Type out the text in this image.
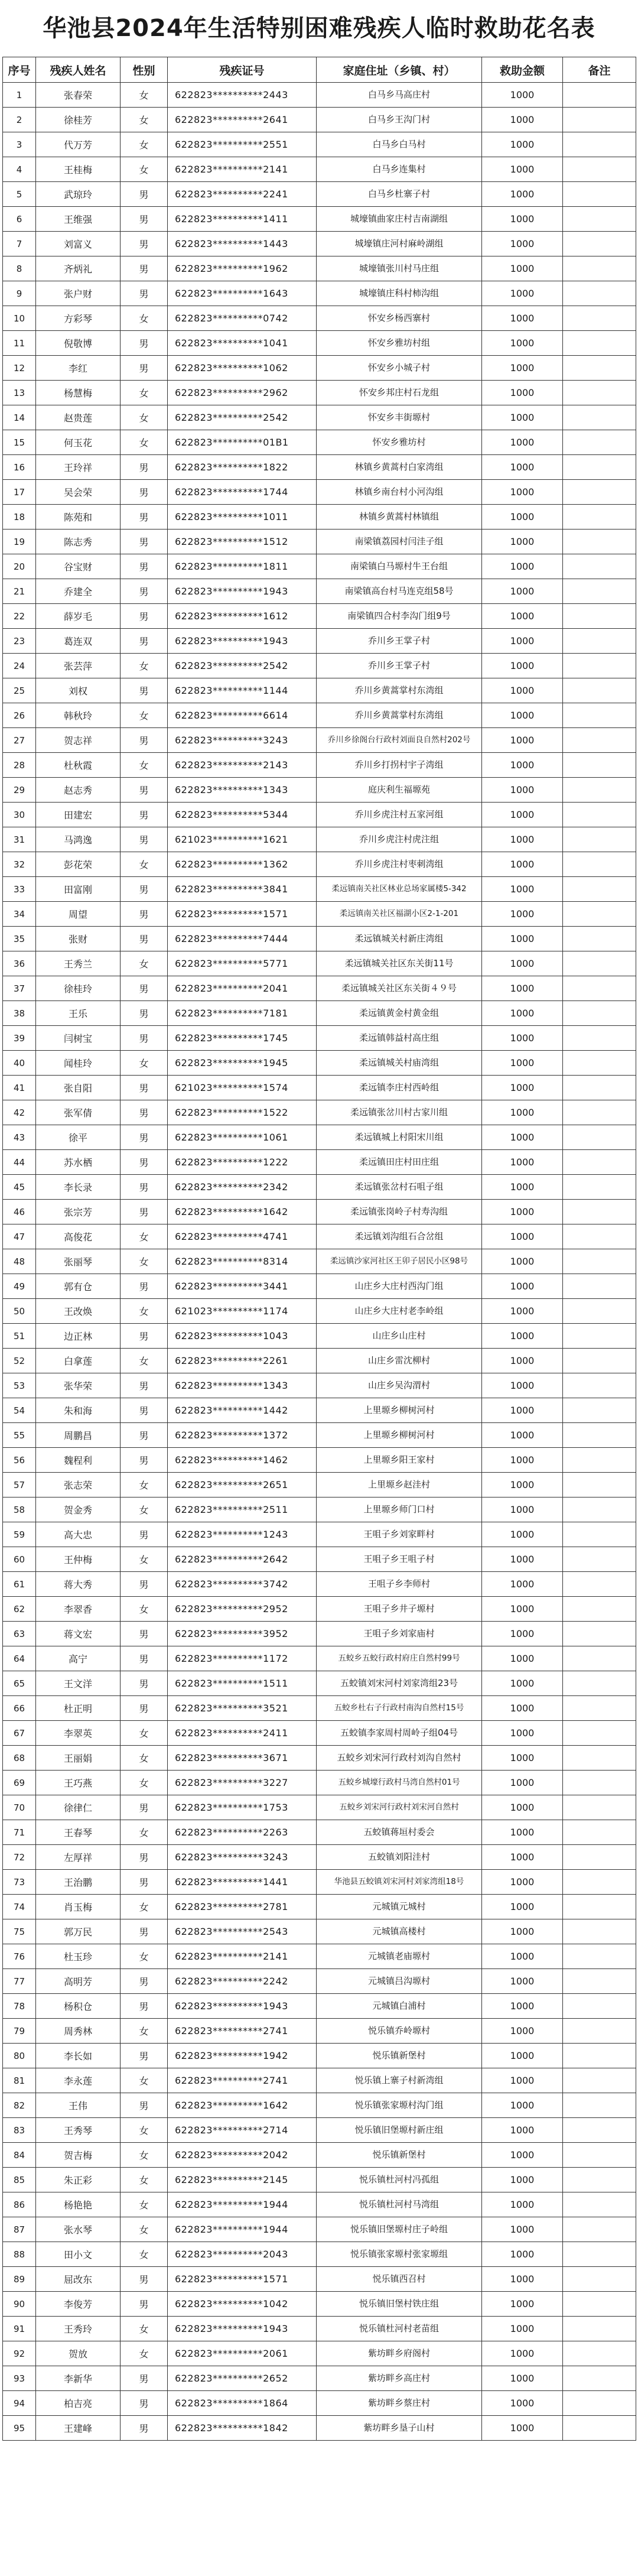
华池县2024年生活特别困难残疾人临时救助花名表
序号	残疾人姓名	性别	残疾证号	家庭住址（乡镇、村）	救助金额	备注
1	张春荣	女	622823**********2443	白马乡马高庄村	1000	
2	徐桂芳	女	622823**********2641	白马乡王沟门村	1000	
3	代万芳	女	622823**********2551	白马乡白马村	1000	
4	王桂梅	女	622823**********2141	白马乡连集村	1000	
5	武琼玲	男	622823**********2241	白马乡杜寨子村	1000	
6	王维强	男	622823**********1411	城壕镇曲家庄村吉南湖组	1000	
7	刘富义	男	622823**********1443	城壕镇庄河村麻岭湖组	1000	
8	齐炳礼	男	622823**********1962	城壕镇张川村马庄组	1000	
9	张户财	男	622823**********1643	城壕镇庄科村柿沟组	1000	
10	方彩琴	女	622823**********0742	怀安乡杨西寨村	1000	
11	倪敬博	男	622823**********1041	怀安乡雅坊村组	1000	
12	李红	男	622823**********1062	怀安乡小城子村	1000	
13	杨慧梅	女	622823**********2962	怀安乡邦庄村石龙组	1000	
14	赵贵莲	女	622823**********2542	怀安乡丰街塬村	1000	
15	何玉花	女	622823**********01B1	怀安乡雅坊村	1000	
16	王玲祥	男	622823**********1822	林镇乡黄蒿村白家湾组	1000	
17	吴会荣	男	622823**********1744	林镇乡南台村小河沟组	1000	
18	陈苑和	男	622823**********1011	林镇乡黄蒿村林镇组	1000	
19	陈志秀	男	622823**********1512	南梁镇荔园村闫洼子组	1000	
20	谷宝财	男	622823**********1811	南梁镇白马塬村牛王台组	1000	
21	乔建全	男	622823**********1943	南梁镇高台村马连克组58号	1000	
22	薛岁毛	男	622823**********1612	南梁镇四合村李沟门组9号	1000	
23	葛连双	男	622823**********1943	乔川乡王掌子村	1000	
24	张芸萍	女	622823**********2542	乔川乡王掌子村	1000	
25	刘权	男	622823**********1144	乔川乡黄蒿掌村东湾组	1000	
26	韩秋玲	女	622823**********6614	乔川乡黄蒿掌村东湾组	1000	
27	贺志祥	男	622823**********3243	乔川乡徐阁台行政村刘面良自然村202号	1000	
28	杜秋霞	女	622823**********2143	乔川乡打拐村宇子湾组	1000	
29	赵志秀	男	622823**********1343	庭庆利生福塬苑	1000	
30	田建宏	男	622823**********5344	乔川乡虎注村五家河组	1000	
31	马鸿逸	男	621023**********1621	乔川乡虎注村虎注组	1000	
32	彭花荣	女	622823**********1362	乔川乡虎注村枣刺湾组	1000	
33	田富刚	男	622823**********3841	柔远镇南关社区林业总场家属楼5-342	1000	
34	周望	男	622823**********1571	柔远镇南关社区福湖小区2-1-201	1000	
35	张财	男	622823**********7444	柔远镇城关村新庄湾组	1000	
36	王秀兰	女	622823**********5771	柔远镇城关社区东关街11号	1000	
37	徐桂玲	男	622823**********2041	柔远镇城关社区东关街４９号	1000	
38	王乐	男	622823**********7181	柔远镇黄金村黄金组	1000	
39	闫树宝	男	622823**********1745	柔远镇韩益村高庄组	1000	
40	闻桂玲	女	622823**********1945	柔远镇城关村庙湾组	1000	
41	张自阳	男	621023**********1574	柔远镇李庄村西岭组	1000	
42	张军倩	男	622823**********1522	柔远镇张岔川村古家川组	1000	
43	徐平	男	622823**********1061	柔远镇城上村阳宋川组	1000	
44	苏水栖	男	622823**********1222	柔远镇田庄村田庄组	1000	
45	李长录	男	622823**********2342	柔远镇张岔村石咀子组	1000	
46	张宗芳	男	622823**********1642	柔远镇张岗岭子村寿沟组	1000	
47	高俊花	女	622823**********4741	柔远镇刘沟组石合岔组	1000	
48	张丽琴	女	622823**********8314	柔远镇沙家河社区王卯子居民小区98号	1000	
49	郭有仓	男	622823**********3441	山庄乡大庄村西沟门组	1000	
50	王改焕	女	621023**********1174	山庄乡大庄村老李岭组	1000	
51	边正林	男	622823**********1043	山庄乡山庄村	1000	
52	白拿莲	女	622823**********2261	山庄乡雷沈柳村	1000	
53	张华荣	男	622823**********1343	山庄乡吴沟渭村	1000	
54	朱和海	男	622823**********1442	上里塬乡柳树河村	1000	
55	周鹏昌	男	622823**********1372	上里塬乡柳树河村	1000	
56	魏程利	男	622823**********1462	上里塬乡阳王家村	1000	
57	张志荣	女	622823**********2651	上里塬乡赵洼村	1000	
58	贺金秀	女	622823**********2511	上里塬乡师门口村	1000	
59	高大忠	男	622823**********1243	王咀子乡刘家畔村	1000	
60	王仲梅	女	622823**********2642	王咀子乡王咀子村	1000	
61	蒋大秀	男	622823**********3742	王咀子乡李师村	1000	
62	李翠香	女	622823**********2952	王咀子乡井子塬村	1000	
63	蒋文宏	男	622823**********3952	王咀子乡刘家庙村	1000	
64	高宁	男	622823**********1172	五蛟乡五蛟行政村府庄自然村99号	1000	
65	王文洋	男	622823**********1511	五蛟镇刘宋河村刘家湾组23号	1000	
66	杜正明	男	622823**********3521	五蛟乡杜右子行政村南沟自然村15号	1000	
67	李翠英	女	622823**********2411	五蛟镇李家周村周岭子组04号	1000	
68	王丽娟	女	622823**********3671	五蛟乡刘宋河行政村刘沟自然村	1000	
69	王巧燕	女	622823**********3227	五蛟乡城壕行政村马湾自然村01号	1000	
70	徐律仁	男	622823**********1753	五蛟乡刘宋河行政村刘宋河自然村	1000	
71	王春琴	女	622823**********2263	五蛟镇蒋垣村委会	1000	
72	左厚祥	男	622823**********3243	五蛟镇刘阳洼村	1000	
73	王治鹏	男	622823**********1441	华池县五蛟镇刘宋河村刘家湾组18号	1000	
74	肖玉梅	女	622823**********2781	元城镇元城村	1000	
75	郭万民	男	622823**********2543	元城镇高楼村	1000	
76	杜玉珍	女	622823**********2141	元城镇老庙塬村	1000	
77	高明芳	男	622823**********2242	元城镇吕沟塬村	1000	
78	杨积仓	男	622823**********1943	元城镇白浦村	1000	
79	周秀林	女	622823**********2741	悦乐镇乔岭塬村	1000	
80	李长如	男	622823**********1942	悦乐镇新堡村	1000	
81	李永莲	女	622823**********2741	悦乐镇上寨子村新湾组	1000	
82	王伟	男	622823**********1642	悦乐镇张家塬村沟门组	1000	
83	王秀琴	女	622823**********2714	悦乐镇旧堡塬村新庄组	1000	
84	贺吉梅	女	622823**********2042	悦乐镇新堡村	1000	
85	朱正彩	女	622823**********2145	悦乐镇杜河村冯孤组	1000	
86	杨艳艳	女	622823**********1944	悦乐镇杜河村马湾组	1000	
87	张水琴	女	622823**********1944	悦乐镇旧堡塬村庄子岭组	1000	
88	田小文	女	622823**********2043	悦乐镇张家塬村张家塬组	1000	
89	屈改东	男	622823**********1571	悦乐镇西召村	1000	
90	李俊芳	男	622823**********1042	悦乐镇旧堡村铁庄组	1000	
91	王秀玲	女	622823**********1943	悦乐镇杜河村老苗组	1000	
92	贺放	女	622823**********2061	紫坊畔乡府阁村	1000	
93	李新华	男	622823**********2652	紫坊畔乡高庄村	1000	
94	柏吉亮	男	622823**********1864	紫坊畔乡蔡庄村	1000	
95	王建峰	男	622823**********1842	紫坊畔乡垦子山村	1000	
